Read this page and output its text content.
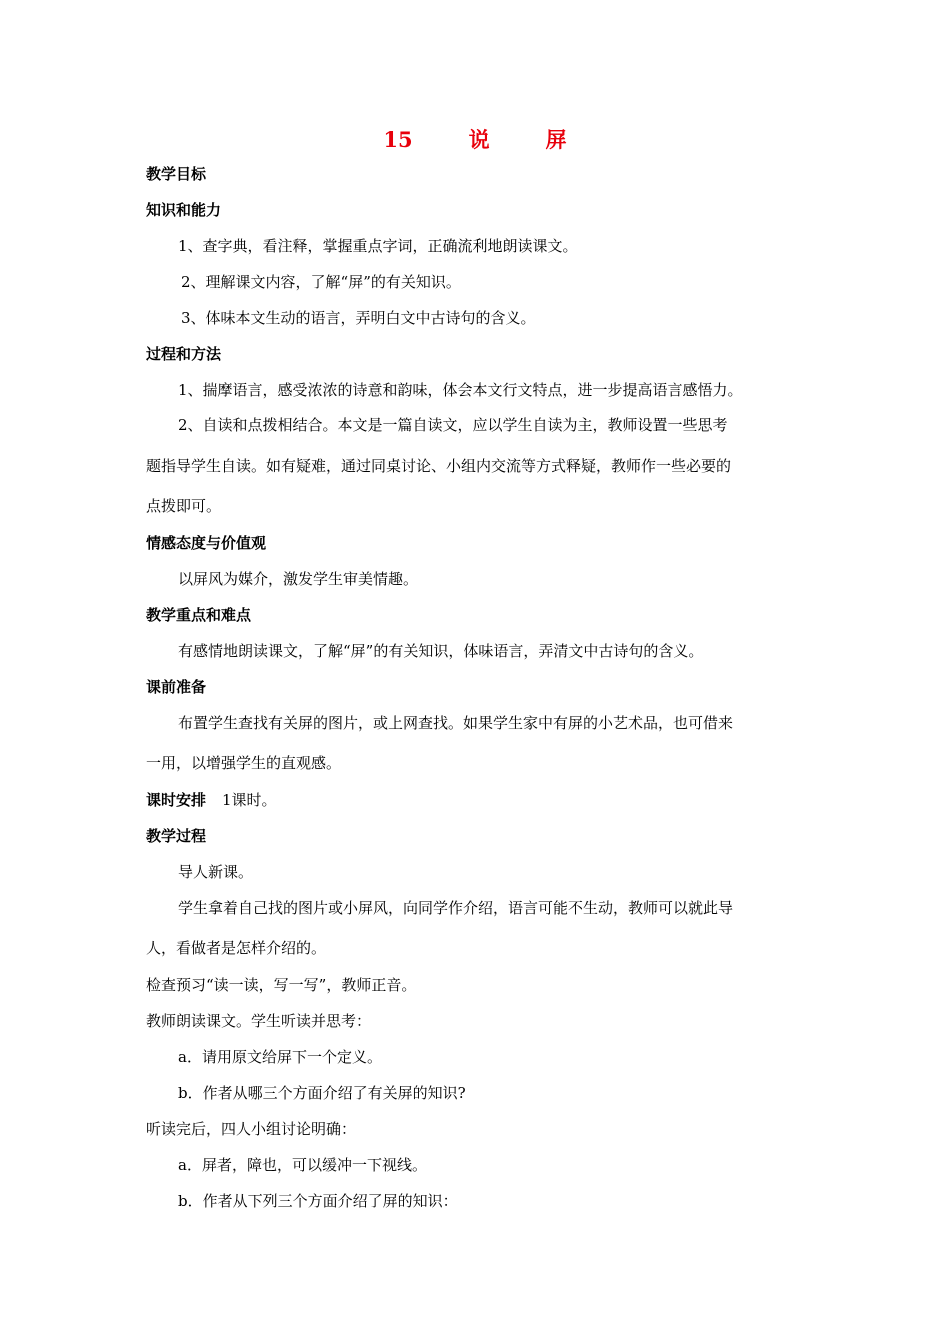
15	说	屏
教学目标
知识和能力
1、查字典，看注释，掌握重点字词，正确流利地朗读课文。
2、理解课文内容，了解“屏”的有关知识。
3、体味本文生动的语言，弄明白文中古诗句的含义。
过程和方法
1、揣摩语言，感受浓浓的诗意和韵味，体会本文行文特点，进一步提高语言感悟力。
2、自读和点拨相结合。本文是一篇自读文，应以学生自读为主，教师设置一些思考
题指导学生自读。如有疑难，通过同桌讨论、小组内交流等方式释疑，教师作一些必要的
点拨即可。
情感态度与价值观
以屏风为媒介，激发学生审美情趣。
教学重点和难点
有感情地朗读课文，了解“屏”的有关知识，体味语言，弄清文中古诗句的含义。
课前准备
布置学生查找有关屏的图片，或上网查找。如果学生家中有屏的小艺术品，也可借来
一用，以增强学生的直观感。
课时安排 1课时。
教学过程
导人新课。
学生拿着自己找的图片或小屏风，向同学作介绍，语言可能不生动，教师可以就此导
人，看做者是怎样介绍的。
检查预习“读一读，写一写”，教师正音。
教师朗读课文。学生听读并思考：
a．请用原文给屏下一个定义。
b．作者从哪三个方面介绍了有关屏的知识?
听读完后，四人小组讨论明确：
a．屏者，障也，可以缓冲一下视线。
b．作者从下列三个方面介绍了屏的知识：
